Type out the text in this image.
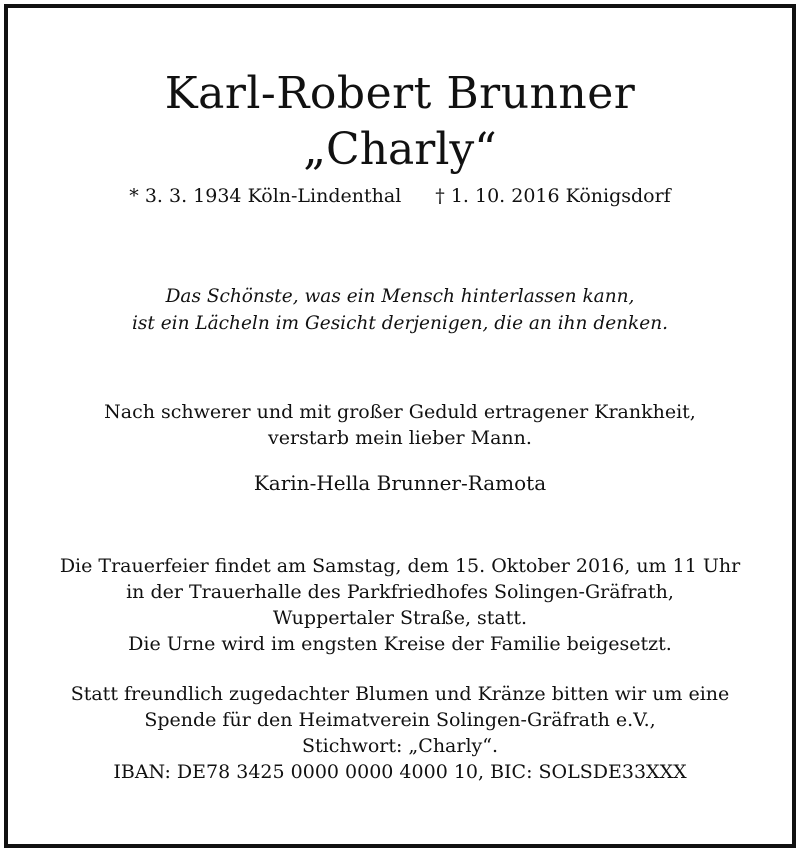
Karl-Robert Brunner
„Charly“
* 3. 3. 1934 Köln-Lindenthal † 1. 10. 2016 Königsdorf
Das Schönste, was ein Mensch hinterlassen kann,
ist ein Lächeln im Gesicht derjenigen, die an ihn denken.
Nach schwerer und mit großer Geduld ertragener Krankheit,
verstarb mein lieber Mann.
Karin-Hella Brunner-Ramota
Die Trauerfeier findet am Samstag, dem 15. Oktober 2016, um 11 Uhr
in der Trauerhalle des Parkfriedhofes Solingen-Gräfrath,
Wuppertaler Straße, statt.
Die Urne wird im engsten Kreise der Familie beigesetzt.
Statt freundlich zugedachter Blumen und Kränze bitten wir um eine
Spende für den Heimatverein Solingen-Gräfrath e.V.,
Stichwort: „Charly“.
IBAN: DE78 3425 0000 0000 4000 10, BIC: SOLSDE33XXX
